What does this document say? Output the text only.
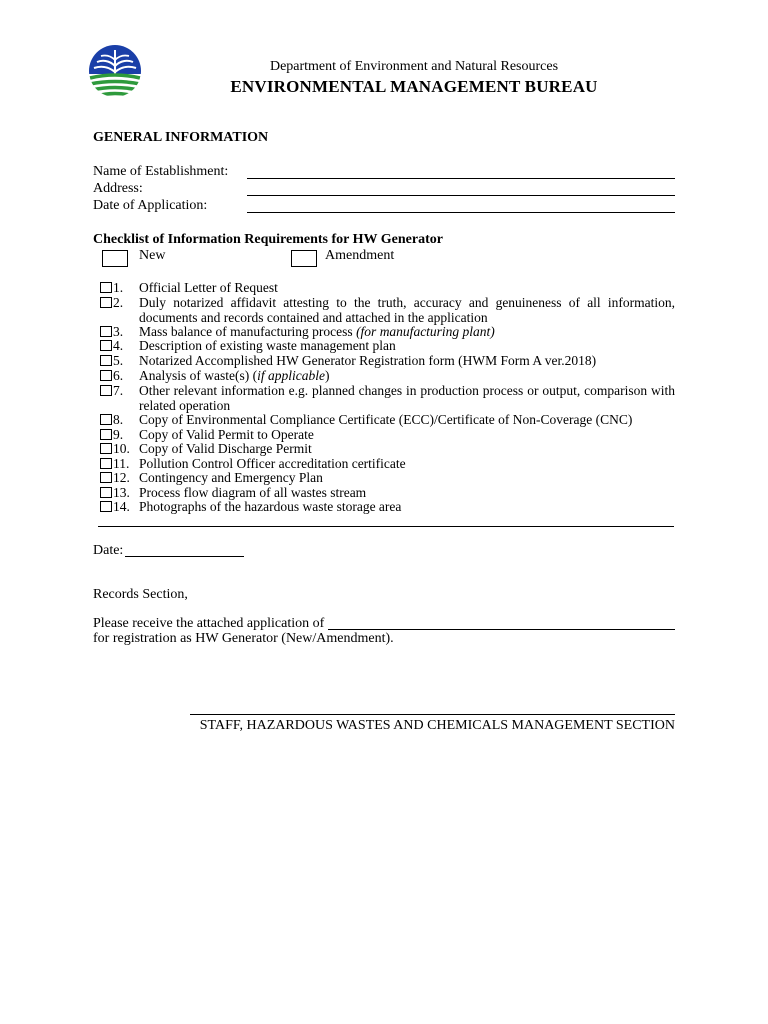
Department of Environment and Natural Resources
ENVIRONMENTAL MANAGEMENT BUREAU
GENERAL INFORMATION
Name of Establishment:
Address:
Date of Application:
Checklist of Information Requirements for HW Generator
New	Amendment
1. Official Letter of Request
2. Duly notarized affidavit attesting to the truth, accuracy and genuineness of all information, documents and records contained and attached in the application
3. Mass balance of manufacturing process (for manufacturing plant)
4. Description of existing waste management plan
5. Notarized Accomplished HW Generator Registration form (HWM Form A ver.2018)
6. Analysis of waste(s) (if applicable)
7. Other relevant information e.g. planned changes in production process or output, comparison with related operation
8. Copy of Environmental Compliance Certificate (ECC)/Certificate of Non-Coverage (CNC)
9. Copy of Valid Permit to Operate
10. Copy of Valid Discharge Permit
11. Pollution Control Officer accreditation certificate
12. Contingency and Emergency Plan
13. Process flow diagram of all wastes stream
14. Photographs of the hazardous waste storage area
Date:
Records Section,
Please receive the attached application of
for registration as HW Generator (New/Amendment).
STAFF, HAZARDOUS WASTES AND CHEMICALS MANAGEMENT SECTION
